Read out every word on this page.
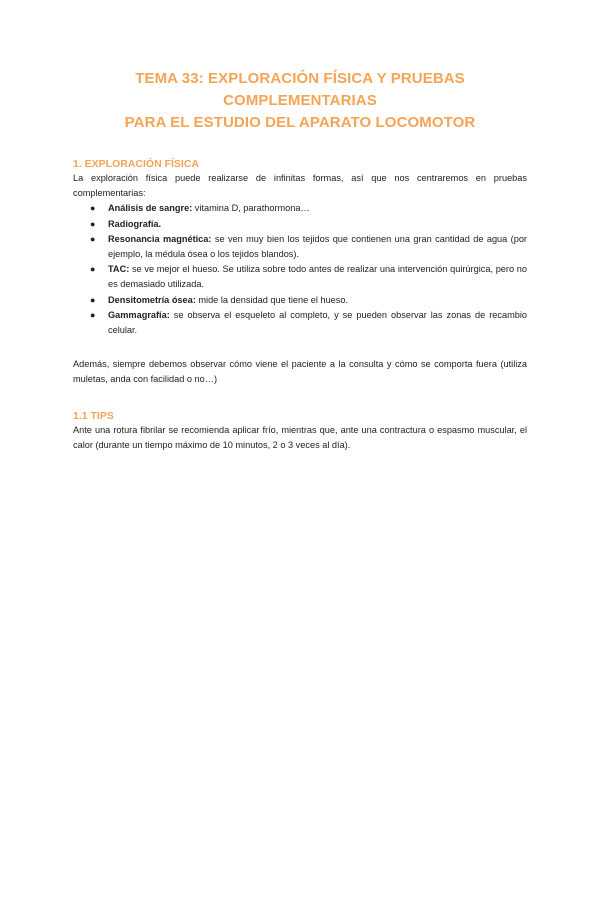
TEMA 33: EXPLORACIÓN FÍSICA Y PRUEBAS COMPLEMENTARIAS
PARA EL ESTUDIO DEL APARATO LOCOMOTOR
1. EXPLORACIÓN FÍSICA

La exploración física puede realizarse de infinitas formas, así que nos centraremos en pruebas complementarias:

● Análisis de sangre: vitamina D, parathormona…
● Radiografía.
● Resonancia magnética: se ven muy bien los tejidos que contienen una gran cantidad de agua (por ejemplo, la médula ósea o los tejidos blandos).
● TAC: se ve mejor el hueso. Se utiliza sobre todo antes de realizar una intervención quirúrgica, pero no es demasiado utilizada.
● Densitometría ósea: mide la densidad que tiene el hueso.
● Gammagrafía: se observa el esqueleto al completo, y se pueden observar las zonas de recambio celular.

Además, siempre debemos observar cómo viene el paciente a la consulta y cómo se comporta fuera (utiliza muletas, anda con facilidad o no…)

1.1 TIPS

Ante una rotura fibrilar se recomienda aplicar frío, mientras que, ante una contractura o espasmo muscular, el calor (durante un tiempo máximo de 10 minutos, 2 o 3 veces al día).
